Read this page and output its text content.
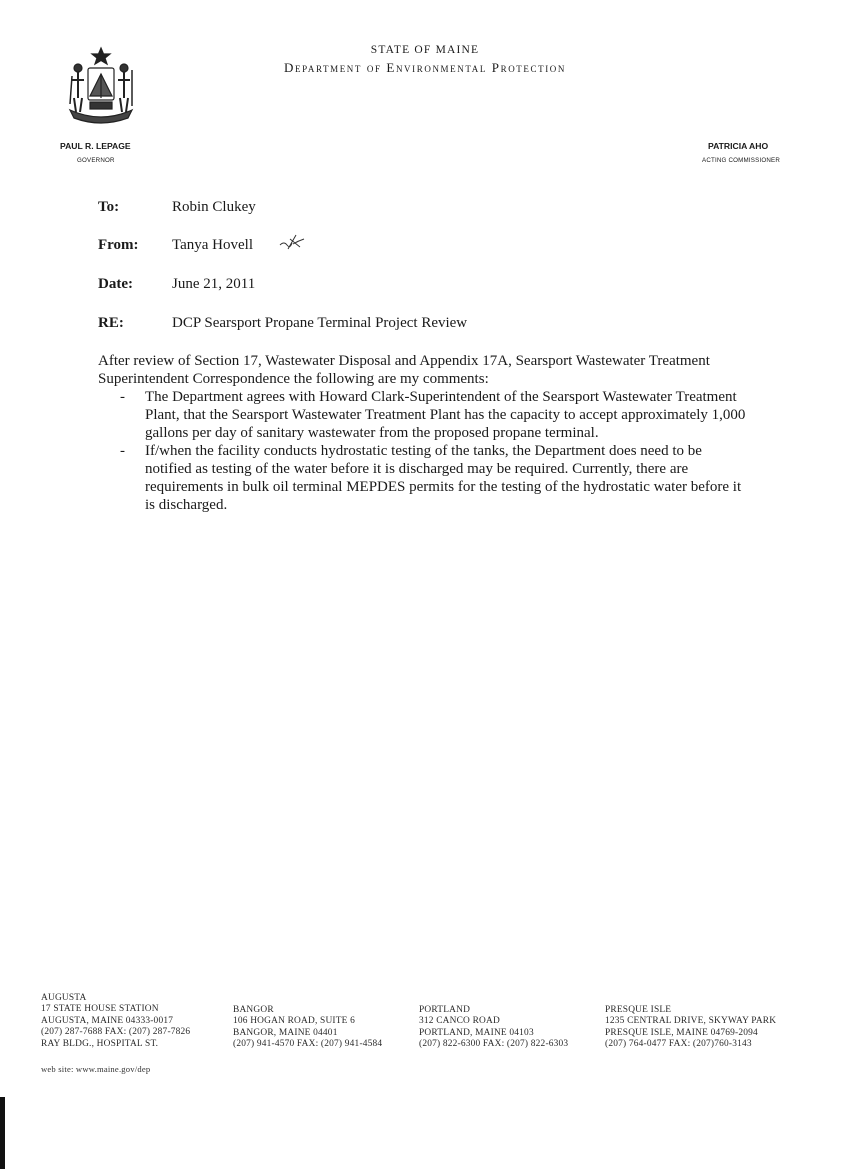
STATE OF MAINE
Department of Environmental Protection
PAUL R. LEPAGE
GOVERNOR
PATRICIA AHO
ACTING COMMISSIONER
To:	Robin Clukey
From:	Tanya Hovell
Date:	June 21, 2011
RE:	DCP Searsport Propane Terminal Project Review

After review of Section 17, Wastewater Disposal and Appendix 17A, Searsport Wastewater Treatment Superintendent Correspondence the following are my comments:

- The Department agrees with Howard Clark-Superintendent of the Searsport Wastewater Treatment Plant, that the Searsport Wastewater Treatment Plant has the capacity to accept approximately 1,000 gallons per day of sanitary wastewater from the proposed propane terminal.
- If/when the facility conducts hydrostatic testing of the tanks, the Department does need to be notified as testing of the water before it is discharged may be required. Currently, there are requirements in bulk oil terminal MEPDES permits for the testing of the hydrostatic water before it is discharged.
AUGUSTA
17 STATE HOUSE STATION
AUGUSTA, MAINE 04333-0017
(207) 287-7688 FAX: (207) 287-7826
RAY BLDG., HOSPITAL ST.
BANGOR
106 HOGAN ROAD, SUITE 6
BANGOR, MAINE 04401
(207) 941-4570 FAX: (207) 941-4584
PORTLAND
312 CANCO ROAD
PORTLAND, MAINE 04103
(207) 822-6300 FAX: (207) 822-6303
PRESQUE ISLE
1235 CENTRAL DRIVE, SKYWAY PARK
PRESQUE ISLE, MAINE 04769-2094
(207) 764-0477 FAX: (207)760-3143
web site: www.maine.gov/dep
